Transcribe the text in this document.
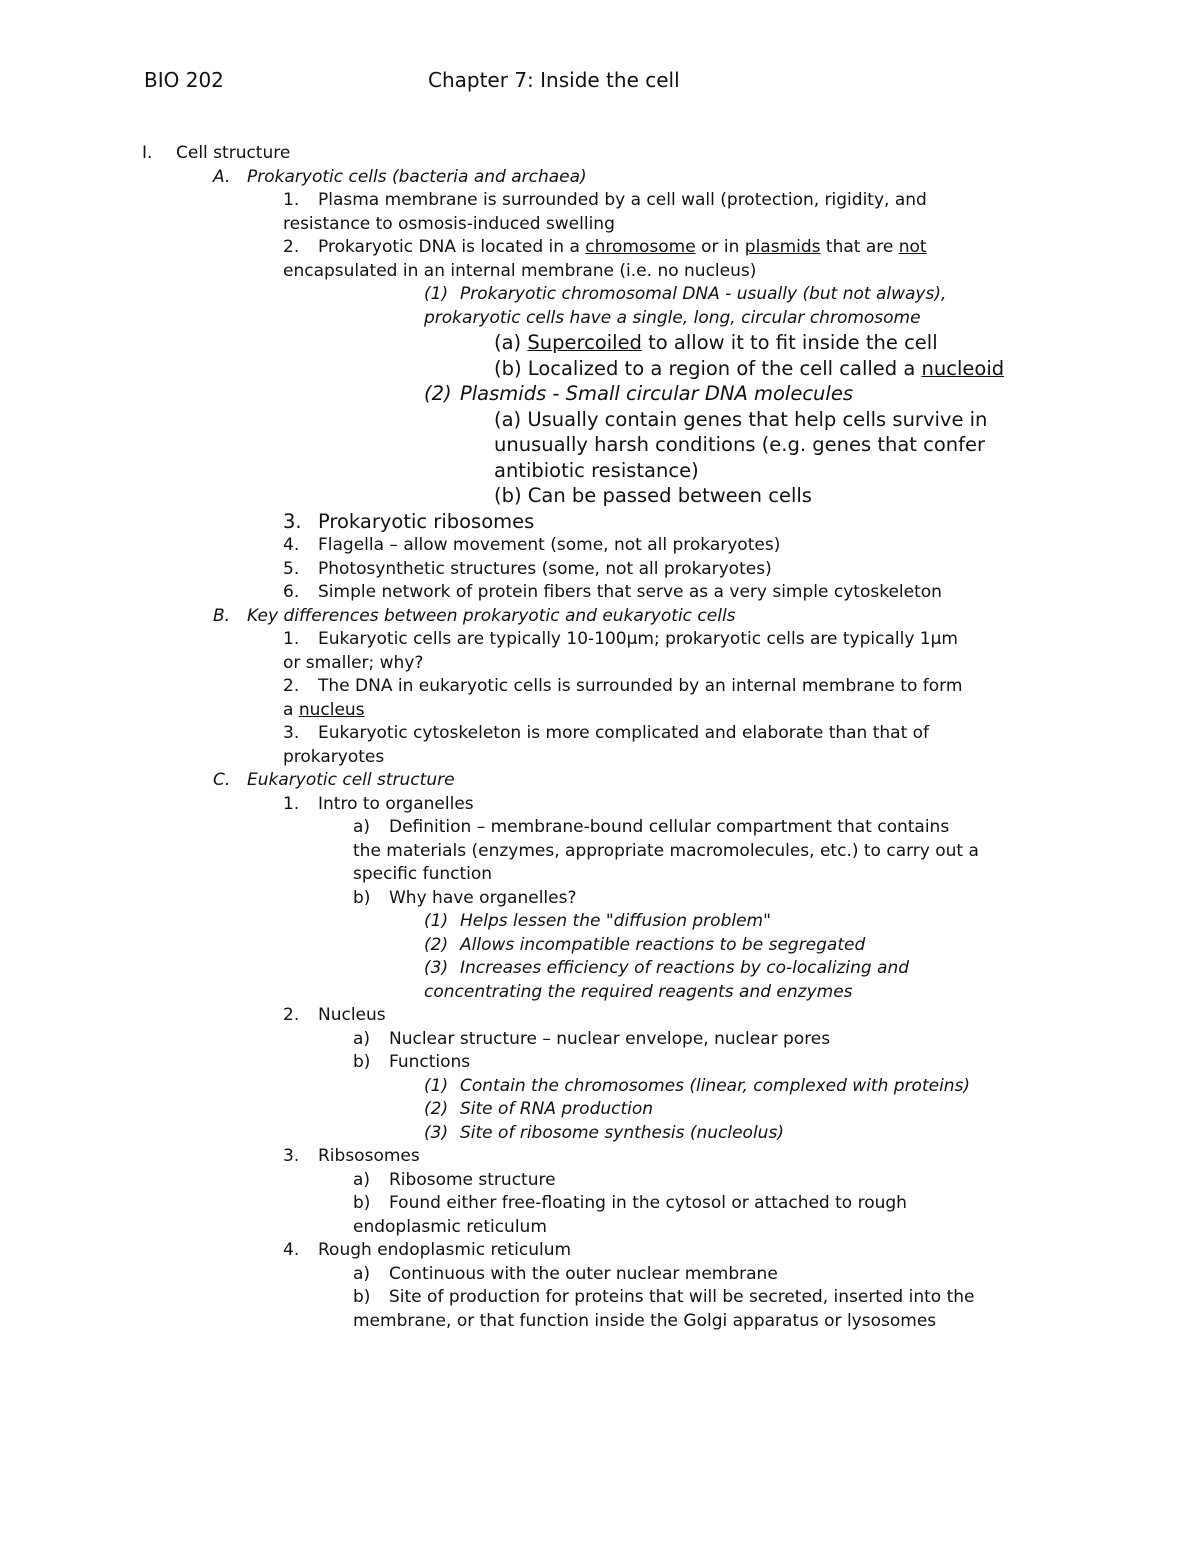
BIO 202	Chapter 7: Inside the cell
I. Cell structure
A. Prokaryotic cells (bacteria and archaea)
1. Plasma membrane is surrounded by a cell wall (protection, rigidity, and
resistance to osmosis-induced swelling
2. Prokaryotic DNA is located in a chromosome or in plasmids that are not
encapsulated in an internal membrane (i.e. no nucleus)
(1) Prokaryotic chromosomal DNA - usually (but not always),
prokaryotic cells have a single, long, circular chromosome
(a) Supercoiled to allow it to fit inside the cell
(b) Localized to a region of the cell called a nucleoid
(2) Plasmids - Small circular DNA molecules
(a) Usually contain genes that help cells survive in
unusually harsh conditions (e.g. genes that confer
antibiotic resistance)
(b) Can be passed between cells
3. Prokaryotic ribosomes
4. Flagella – allow movement (some, not all prokaryotes)
5. Photosynthetic structures (some, not all prokaryotes)
6. Simple network of protein fibers that serve as a very simple cytoskeleton
B. Key differences between prokaryotic and eukaryotic cells
1. Eukaryotic cells are typically 10-100μm; prokaryotic cells are typically 1μm
or smaller; why?
2. The DNA in eukaryotic cells is surrounded by an internal membrane to form
a nucleus
3. Eukaryotic cytoskeleton is more complicated and elaborate than that of
prokaryotes
C. Eukaryotic cell structure
1. Intro to organelles
a) Definition – membrane-bound cellular compartment that contains
the materials (enzymes, appropriate macromolecules, etc.) to carry out a
specific function
b) Why have organelles?
(1) Helps lessen the "diffusion problem"
(2) Allows incompatible reactions to be segregated
(3) Increases efficiency of reactions by co-localizing and
concentrating the required reagents and enzymes
2. Nucleus
a) Nuclear structure – nuclear envelope, nuclear pores
b) Functions
(1) Contain the chromosomes (linear, complexed with proteins)
(2) Site of RNA production
(3) Site of ribosome synthesis (nucleolus)
3. Ribsosomes
a) Ribosome structure
b) Found either free-floating in the cytosol or attached to rough
endoplasmic reticulum
4. Rough endoplasmic reticulum
a) Continuous with the outer nuclear membrane
b) Site of production for proteins that will be secreted, inserted into the
membrane, or that function inside the Golgi apparatus or lysosomes
